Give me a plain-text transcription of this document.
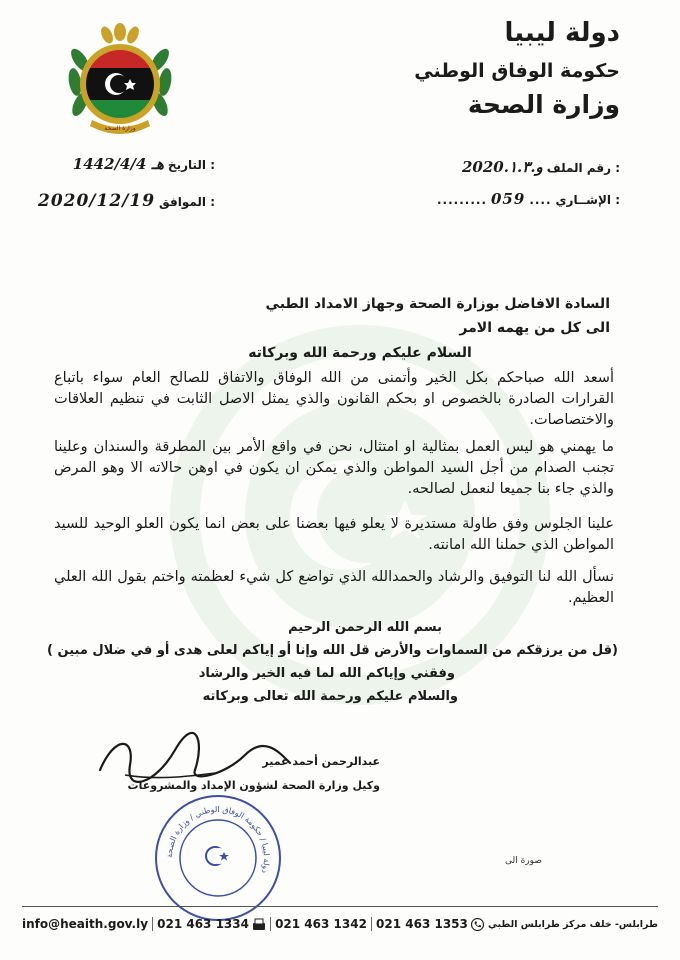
وزارة الصحة
دولة ليبيا
حكومة الوفاق الوطني
وزارة الصحة
رقم الملف :
2020.و.١.٣
الإشــاري :
....
059
.........
التاريخ :
1442/4/4 هـ
الموافق :
2020/12/19
السادة الافاضل بوزارة الصحة وجهاز الامداد الطبي
الى كل من يهمه الامر
السلام عليكم ورحمة الله وبركاته
أسعد الله صباحكم بكل الخير وأتمنى من الله الوفاق والاتفاق للصالح العام سواء باتباع القرارات الصادرة بالخصوص او بحكم القانون والذي يمثل الاصل الثابت في تنظيم العلاقات والاختصاصات.
ما يهمني هو ليس العمل بمثالية او امتثال، نحن في واقع الأمر بين المطرقة والسندان وعلينا تجنب الصدام من أجل السيد المواطن والذي يمكن ان يكون في اوهن حالاته الا وهو المرض والذي جاء بنا جميعا لنعمل لصالحه.
علينا الجلوس وفق طاولة مستديرة لا يعلو فيها بعضنا على بعض انما يكون العلو الوحيد للسيد المواطن الذي حملنا الله امانته.
نسأل الله لنا التوفيق والرشاد والحمدالله الذي تواضع كل شيء لعظمته واختم بقول الله العلي العظيم.
بسم الله الرحمن الرحيم
(قل من يرزقكم من السماوات والأرض قل الله وإنا أو إياكم لعلى هدى أو في ضلال مبين )
وفقني وإياكم الله لما فيه الخير والرشاد
والسلام عليكم ورحمة الله تعالى وبركاته
عبدالرحمن أحمد عمير
وكيل وزارة الصحة لشؤون الإمداد والمشروعات
دولة ليبيا / حكومة الوفاق الوطني / وزارة الصحة
صورة الى
info@heaith.gov.ly 021 463 1334 021 463 1342 021 463 1353 طرابلس- خلف مركز طرابلس الطبي
